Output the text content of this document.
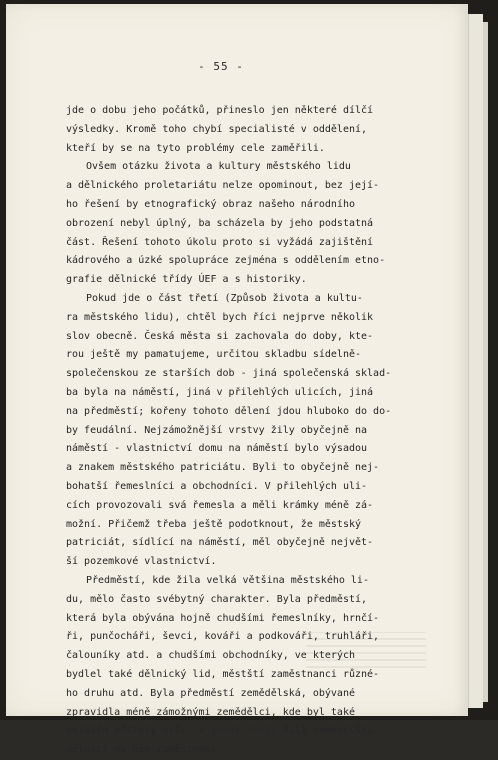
- 55 -
jde o dobu jeho počátků, přineslo jen některé dílčí
výsledky. Kromě toho chybí specialisté v oddělení,
kteří by se na tyto problémy cele zaměřili.
Ovšem otázku života a kultury městského lidu
a dělnického proletariátu nelze opominout, bez její-
ho řešení by etnografický obraz našeho národního
obrození nebyl úplný, ba scházela by jeho podstatná
část. Řešení tohoto úkolu proto si vyžádá zajištění
kádrového a úzké spolupráce zejména s oddělením etno-
grafie dělnické třídy ÚEF a s historiky.
Pokud jde o část třetí (Způsob života a kultu-
ra městského lidu), chtěl bych říci nejprve několik
slov obecně. Česká města si zachovala do doby, kte-
rou ještě my pamatujeme, určitou skladbu sídelně-
společenskou ze starších dob - jiná společenská sklad-
ba byla na náměstí, jiná v přilehlých ulicích, jiná
na předměstí; kořeny tohoto dělení jdou hluboko do do-
by feudální. Nejzámožnější vrstvy žily obyčejně na
náměstí - vlastnictví domu na náměstí bylo výsadou
a znakem městského patriciátu. Byli to obyčejně nej-
bohatší řemeslníci a obchodníci. V přilehlých uli-
cích provozovali svá řemesla a měli krámky méně zá-
možní. Přičemž třeba ještě podotknout, že městský
patriciát, sídlící na náměstí, měl obyčejně největ-
ší pozemkové vlastnictví.
Předměstí, kde žila velká většina městského li-
du, mělo často svébytný charakter. Byla předměstí,
která byla obývána hojně chudšími řemeslníky, hrnčí-
ři, punčocháři, ševci, kováři a podkováři, truhláři,
čalouníky atd. a chudšími obchodníky, ve kterých
bydlel také dělnický lid, městští zaměstnanci různé-
ho druhu atd. Byla předměstí zemědělská, obývané
zpravidla méně zámožnými zemědělci, kde byl také
umístěn městský dvůr, v jehož okolí žili zemědělští
dělníci na něm zaměstnaní.
